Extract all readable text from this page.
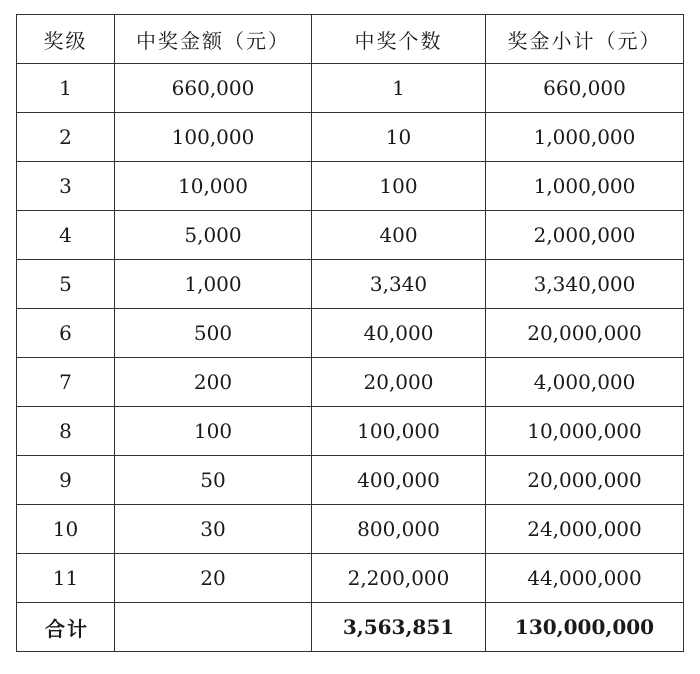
奖级	中奖金额（元）	中奖个数	奖金小计（元）
1	660,000	1	660,000
2	100,000	10	1,000,000
3	10,000	100	1,000,000
4	5,000	400	2,000,000
5	1,000	3,340	3,340,000
6	500	40,000	20,000,000
7	200	20,000	4,000,000
8	100	100,000	10,000,000
9	50	400,000	20,000,000
10	30	800,000	24,000,000
11	20	2,200,000	44,000,000
合计		3,563,851	130,000,000
